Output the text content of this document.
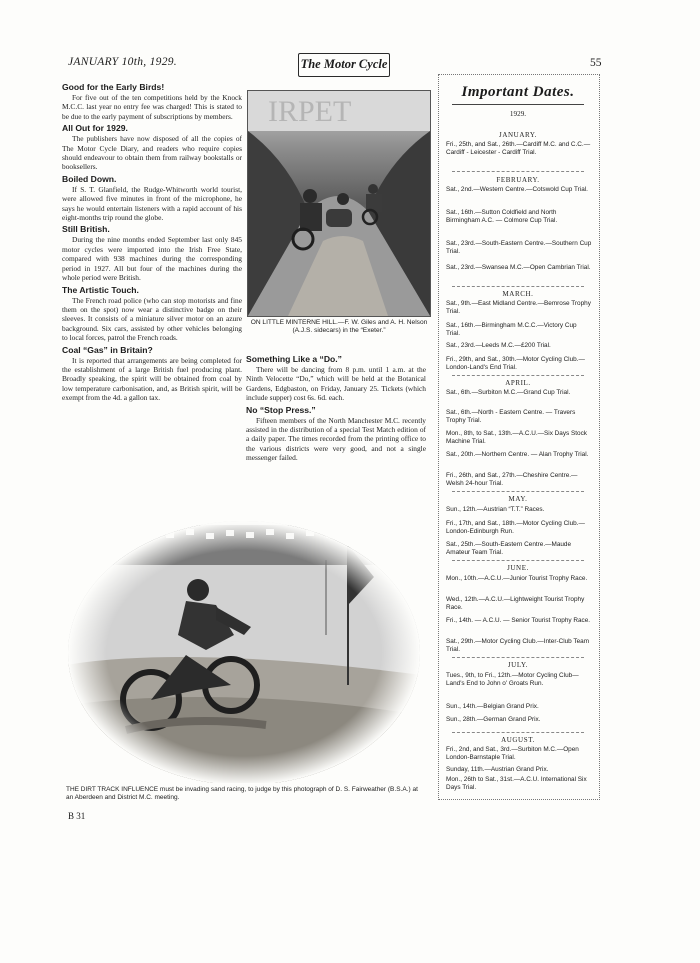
JANUARY 10th, 1929.	The Motor Cycle	55
Good for the Early Birds!

For five out of the ten competitions held by the Knock M.C.C. last year no entry fee was charged! This is stated to be due to the early payment of subscriptions by members.

All Out for 1929.

The publishers have now disposed of all the copies of The Motor Cycle Diary, and readers who require copies should endeavour to obtain them from railway bookstalls or booksellers.

Boiled Down.

If S. T. Glanfield, the Rudge-Whitworth world tourist, were allowed five minutes in front of the microphone, he says he would entertain listeners with a rapid account of his eight-months trip round the globe.

Still British.

During the nine months ended September last only 845 motor cycles were imported into the Irish Free State, compared with 938 machines during the corresponding period in 1927. All but four of the machines during the whole period were British.

The Artistic Touch.

The French road police (who can stop motorists and fine them on the spot) now wear a distinctive badge on their sleeves. It consists of a miniature silver motor on an azure background. Six cars, assisted by other vehicles belonging to local forces, patrol the French roads.

Coal “Gas” in Britain?

It is reported that arrangements are being completed for the establishment of a large British fuel producing plant. Broadly speaking, the spirit will be obtained from coal by low temperature carbonisation, and, as British spirit, will be exempt from the 4d. a gallon tax.

IRPET
ON LITTLE MINTERNE HILL.—F. W. Giles and A. H. Nelson (A.J.S. sidecars) in the “Exeter.”
Something Like a “Do.”

There will be dancing from 8 p.m. until 1 a.m. at the Ninth Velocette “Do,” which will be held at the Botanical Gardens, Edgbaston, on Friday, January 25. Tickets (which include supper) cost 6s. 6d. each.

No “Stop Press.”

Fifteen members of the North Manchester M.C. recently assisted in the distribution of a special Test Match edition of a daily paper. The times recorded from the printing office to the various districts were very good, and not a single messenger failed.

THE DIRT TRACK INFLUENCE must be invading sand racing, to judge by this photograph of D. S. Fairweather (B.S.A.) at an Aberdeen and District M.C. meeting.
B 31
Important Dates.
1929.
JANUARY.
Fri., 25th, and Sat., 26th.—Cardiff M.C. and C.C.—Cardiff - Leicester - Cardiff Trial.
FEBRUARY.
Sat., 2nd.—Western Centre.—Cotswold Cup Trial.
Sat., 16th.—Sutton Coldfield and North Birmingham A.C. — Colmore Cup Trial.
Sat., 23rd.—South-Eastern Centre.—Southern Cup Trial.
Sat., 23rd.—Swansea M.C.—Open Cambrian Trial.
MARCH.
Sat., 9th.—East Midland Centre.—Bemrose Trophy Trial.
Sat., 16th.—Birmingham M.C.C.—Victory Cup Trial.
Sat., 23rd.—Leeds M.C.—£200 Trial.
Fri., 29th, and Sat., 30th.—Motor Cycling Club.—London-Land's End Trial.
APRIL.
Sat., 6th.—Surbiton M.C.—Grand Cup Trial.
Sat., 6th.—North - Eastern Centre. — Travers Trophy Trial.
Mon., 8th, to Sat., 13th.—A.C.U.—Six Days Stock Machine Trial.
Sat., 20th.—Northern Centre. — Alan Trophy Trial.
Fri., 26th, and Sat., 27th.—Cheshire Centre.—Welsh 24-hour Trial.
MAY.
Sun., 12th.—Austrian “T.T.” Races.
Fri., 17th, and Sat., 18th.—Motor Cycling Club.—London-Edinburgh Run.
Sat., 25th.—South-Eastern Centre.—Maude Amateur Team Trial.
JUNE.
Mon., 10th.—A.C.U.—Junior Tourist Trophy Race.
Wed., 12th.—A.C.U.—Lightweight Tourist Trophy Race.
Fri., 14th. — A.C.U. — Senior Tourist Trophy Race.
Sat., 29th.—Motor Cycling Club.—Inter-Club Team Trial.
JULY.
Tues., 9th, to Fri., 12th.—Motor Cycling Club—Land's End to John o' Groats Run.
Sun., 14th.—Belgian Grand Prix.
Sun., 28th.—German Grand Prix.
AUGUST.
Fri., 2nd, and Sat., 3rd.—Surbiton M.C.—Open London-Barnstaple Trial.
Sunday, 11th.—Austrian Grand Prix.
Mon., 26th to Sat., 31st.—A.C.U. International Six Days Trial.
